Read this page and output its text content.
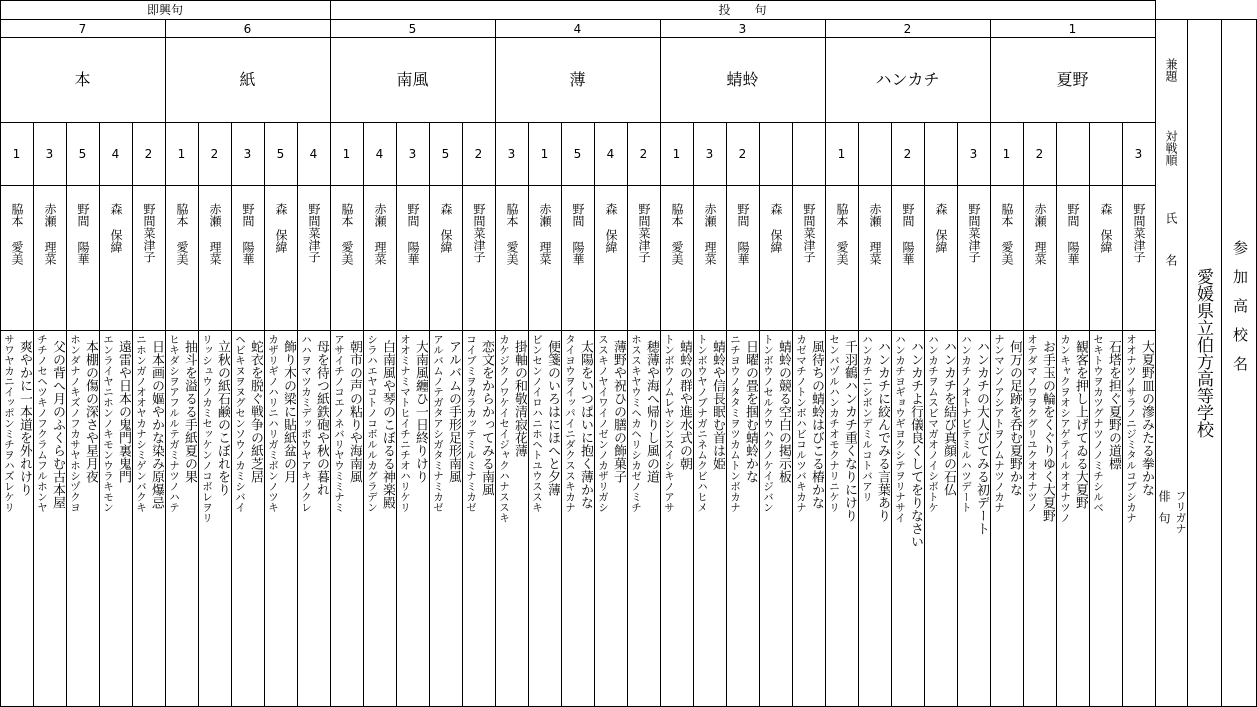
即興句	投　　句
兼題
対戦順
氏名
俳句 フリガナ
愛媛県立伯方高等学校 参加高校名
7
本
1
脇本 愛美
爽やかに一本道を外れけり
サワヤカニイッポンミチヲハズレケリ
3
赤瀬 理菜
父の背へ月のふくらむ古本屋
チチノセヘツキノフクラムフルホンヤ
5
野間 陽華
本棚の傷の深さや星月夜
ホンダナノキズノフカサヤホシヅクヨ
4
森 保緯
遠雷や日本の鬼門裏鬼門
エンライヤニホンノキモンウラキモン
2
野間菜津子
日本画の嫗やかな染み原爆忌
ニホンガノオオヤカナシミゲンバクキ
6
紙
1
脇本 愛美
抽斗を溢るる手紙夏の果
ヒキダシヲアフルルテガミナツノハテ
2
赤瀬 理菜
立秋の紙石鹸のこぼれをり
リッシュウノカミセッケンノコボレヲリ
3
野間 陽華
蛇衣を脱ぐ戦争の紙芝居
ヘビキヌヲヌグセンソウノカミシバイ
5
森 保緯
飾り木の梁に貼紙盆の月
カザリギノハリニハリガミボンノツキ
4
野間菜津子
母を待つ紙鉄砲や秋の暮れ
ハハヲマツカミデッポウヤアキノクレ
5
南風
1
脇本 愛美
朝市の声の粘りや海南風
アサイチノコエノネバリヤウミミナミ
4
赤瀬 理菜
白南風や琴のこぼるる神楽殿
シラハエヤコトノコボルルカグラデン
3
野間 陽華
大南風纏ひ一日終りけり
オオミナミマトヒイチニチオハリケリ
5
森 保緯
アルバムの手形足形南風
アルバムノテガタアシガタミナミカゼ
2
野間菜津子
恋文をからかってみる南風
コイブミヲカラカッテミルミナミカゼ
4
薄
3
脇本 愛美
掛軸の和敬清寂花薄
カケジクノワケイセイジャクハナススキ
1
赤瀬 理菜
便箋のいろはにほへと夕薄
ビンセンノイロハニホヘトユウススキ
5
野間 陽華
太陽をいつぱいに抱く薄かな
タイヨウヲイッパイニダクススキカナ
4
森 保緯
薄野や祝ひの膳の飾菓子
ススキノヤイワイノゼンノカザリガシ
2
野間菜津子
穂薄や海へ帰りし風の道
ホススキヤウミヘカヘリシカゼノミチ
3
蜻蛉
1
脇本 愛美
蜻蛉の群や進水式の朝
トンボウノムレヤシンスイシキノアサ
3
赤瀬 理菜
蜻蛉や信長眠む首は姫
トンボウヤノブナガニネムクビハヒメ
2
野間 陽華
日曜の畳を掴む蜻蛉かな
ニチヨウノタタミヲツカムトンボカナ
森 保緯
蜻蛉の競る空白の掲示板
トンボウノセルクウハクノケイジバン
野間菜津子
風待ちの蜻蛉はびこる椿かな
カゼマチノトンボハビコルツバキカナ
2
ハンカチ
1
脇本 愛美
千羽鶴ハンカチ重くなりにけり
センバヅルハンカチオモクナリニケリ
赤瀬 理菜
ハンカチに絞んでみる言葉あり
ハンカチニシボンデミルコトバアリ
2
野間 陽華
ハンカチよ行儀良くしてをりなさい
ハンカチヨギョウギヨクシテヲリナサイ
森 保緯
ハンカチを結び真顔の石仏
ハンカチヲムスビマガオノイシボトケ
3
野間菜津子
ハンカチの大人びてみる初デート
ハンカチノオトナビテミルハツデート
1
夏野
1
脇本 愛美
何万の足跡を呑む夏野かな
ナンマンノアシアトヲノムナツノカナ
2
赤瀬 理菜
お手玉の輪をくぐりゆく大夏野
オテダマノワヲクグリユクオオナツノ
野間 陽華
観客を押し上げてゐる大夏野
カンキャクヲオシアゲテイルオオナツノ
森 保緯
石塔を担ぐ夏野の道標
セキトウヲカツグナツノノミチシルベ
3
野間菜津子
大夏野皿の滲みたる拳かな
オオナツノサラノニジミタルコブシカナ
